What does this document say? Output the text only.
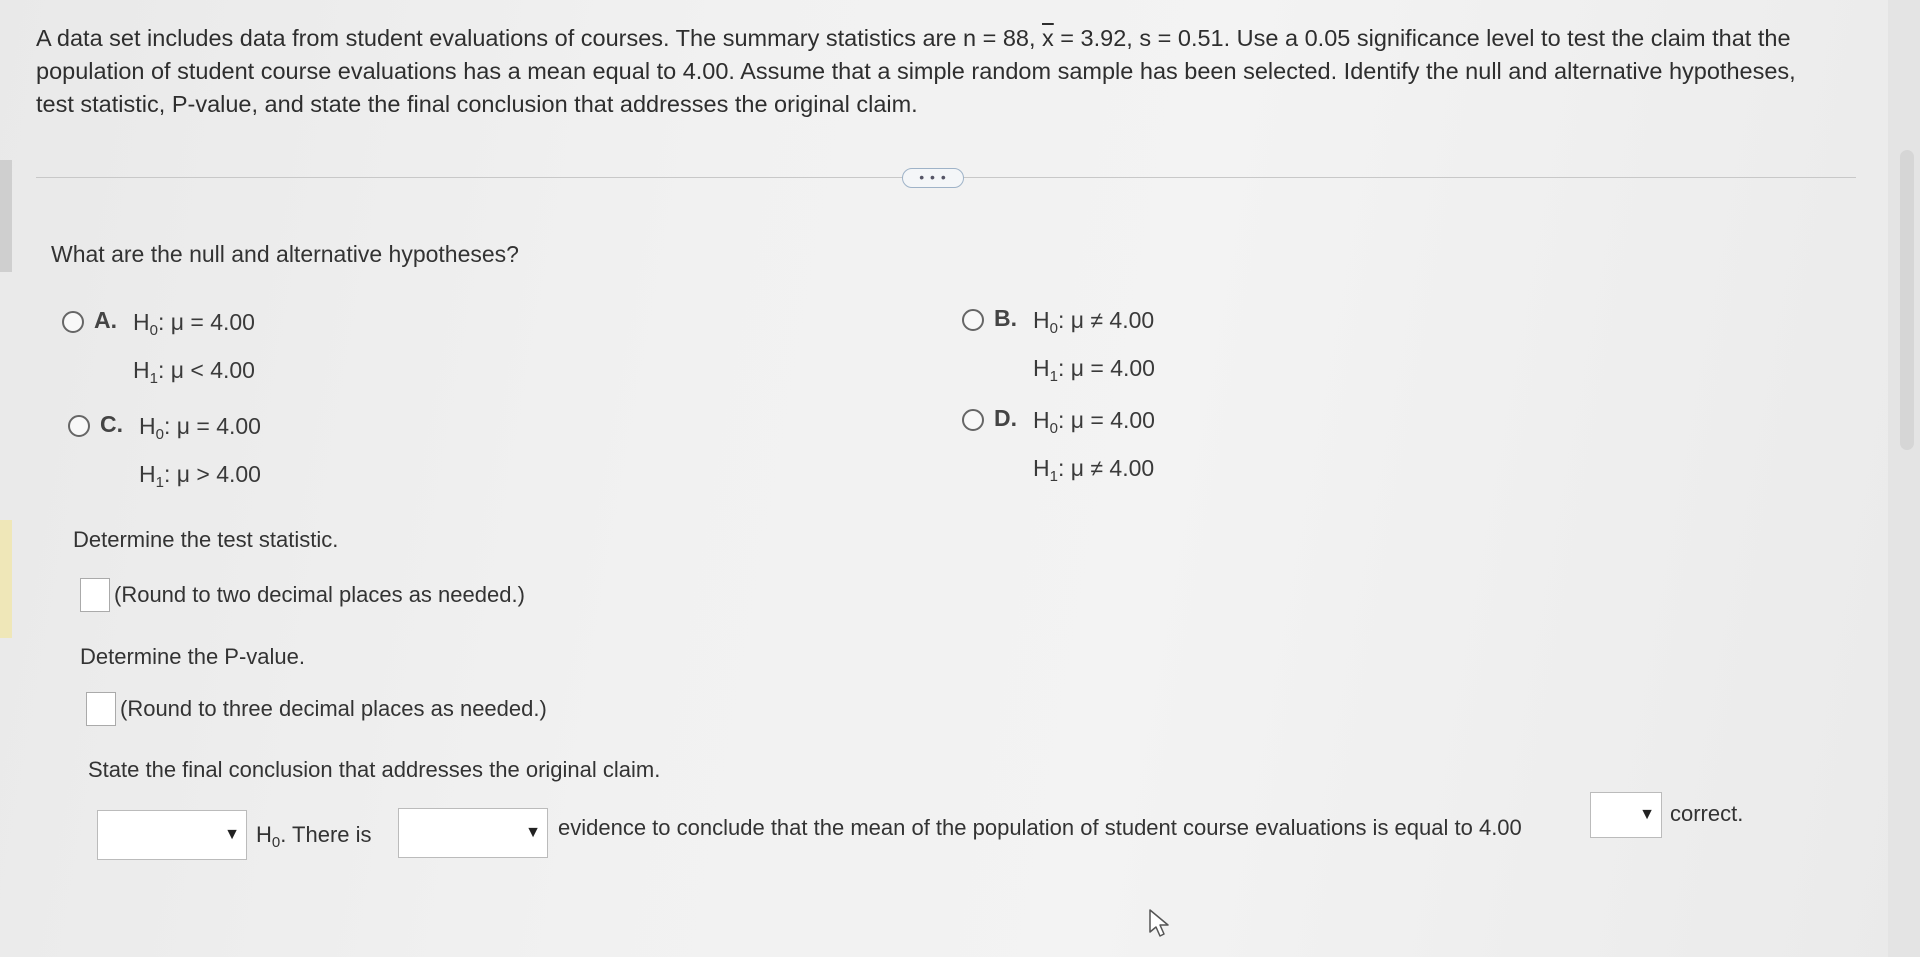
A data set includes data from student evaluations of courses. The summary statistics are n = 88, $\overline{x} = 3.92$, s = 0.51. Use a 0.05 significance level to test the claim that the population of student course evaluations has a mean equal to 4.00. Assume that a simple random sample has been selected. Identify the null and alternative hypotheses, test statistic, P-value, and state the final conclusion that addresses the original claim.
• • •
What are the null and alternative hypotheses?
A. $H_0$: μ = 4.00
$H_1$: μ < 4.00
B. $H_0$: μ ≠ 4.00
$H_1$: μ = 4.00
C. $H_0$: μ = 4.00
$H_1$: μ > 4.00
D. $H_0$: μ = 4.00
$H_1$: μ ≠ 4.00
Determine the test statistic.
(Round to two decimal places as needed.)
Determine the P-value.
(Round to three decimal places as needed.)
State the final conclusion that addresses the original claim.
▼ $H_0$. There is	▼ evidence to conclude that the mean of the population of student course evaluations is equal to 4.00
▼ correct.
